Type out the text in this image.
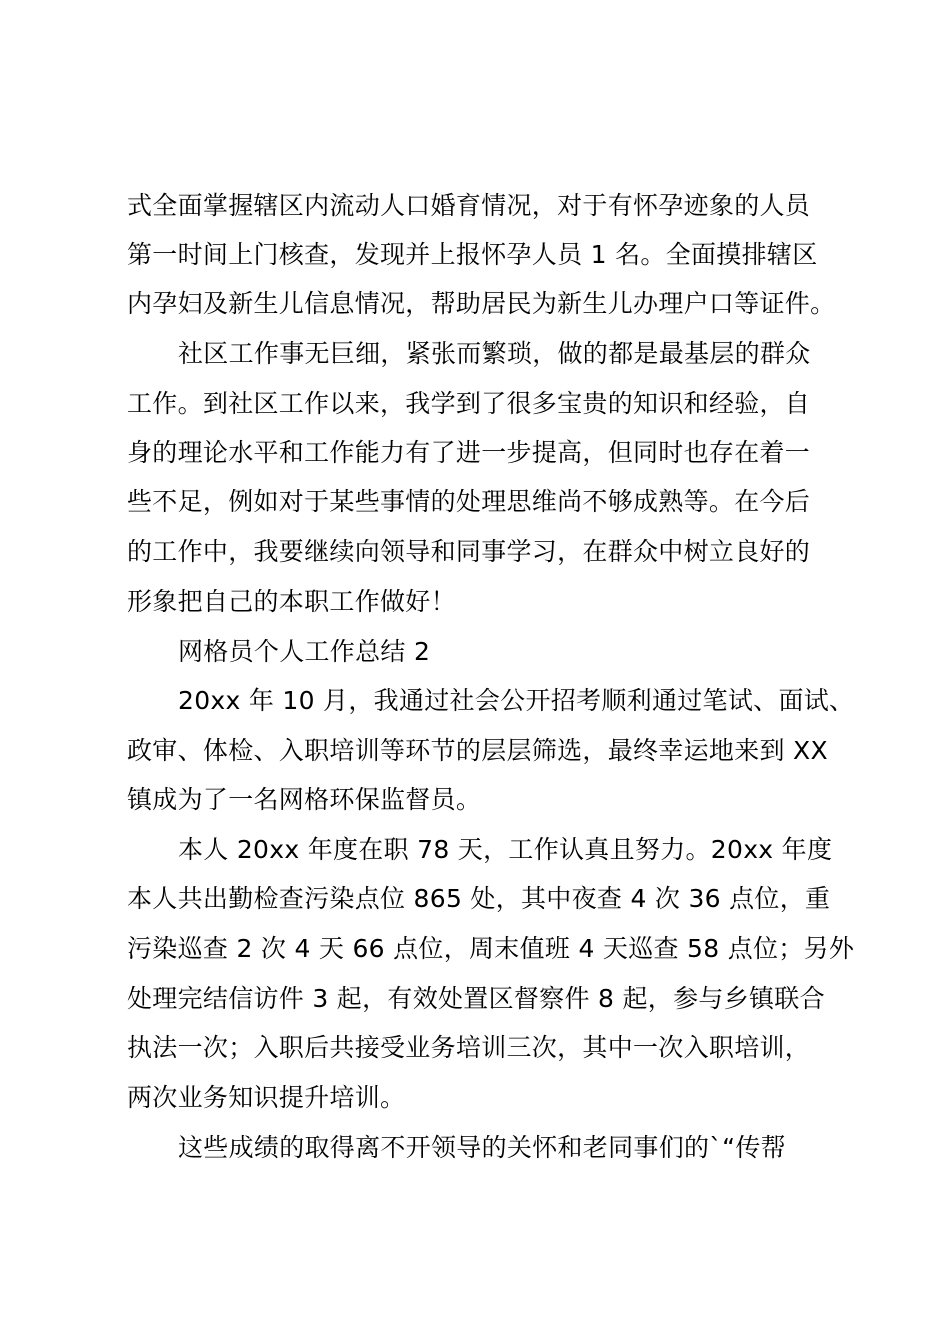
式全面掌握辖区内流动人口婚育情况，对于有怀孕迹象的人员
第一时间上门核查，发现并上报怀孕人员 1 名。全面摸排辖区
内孕妇及新生儿信息情况，帮助居民为新生儿办理户口等证件。
社区工作事无巨细，紧张而繁琐，做的都是最基层的群众
工作。到社区工作以来，我学到了很多宝贵的知识和经验，自
身的理论水平和工作能力有了进一步提高，但同时也存在着一
些不足，例如对于某些事情的处理思维尚不够成熟等。在今后
的工作中，我要继续向领导和同事学习，在群众中树立良好的
形象把自己的本职工作做好！
网格员个人工作总结 2
20xx 年 10 月，我通过社会公开招考顺利通过笔试、面试、
政审、体检、入职培训等环节的层层筛选，最终幸运地来到 XX
镇成为了一名网格环保监督员。
本人 20xx 年度在职 78 天，工作认真且努力。20xx 年度
本人共出勤检查污染点位 865 处，其中夜查 4 次 36 点位，重
污染巡查 2 次 4 天 66 点位，周末值班 4 天巡查 58 点位；另外
处理完结信访件 3 起，有效处置区督察件 8 起，参与乡镇联合
执法一次；入职后共接受业务培训三次，其中一次入职培训，
两次业务知识提升培训。
这些成绩的取得离不开领导的关怀和老同事们的`“传帮
